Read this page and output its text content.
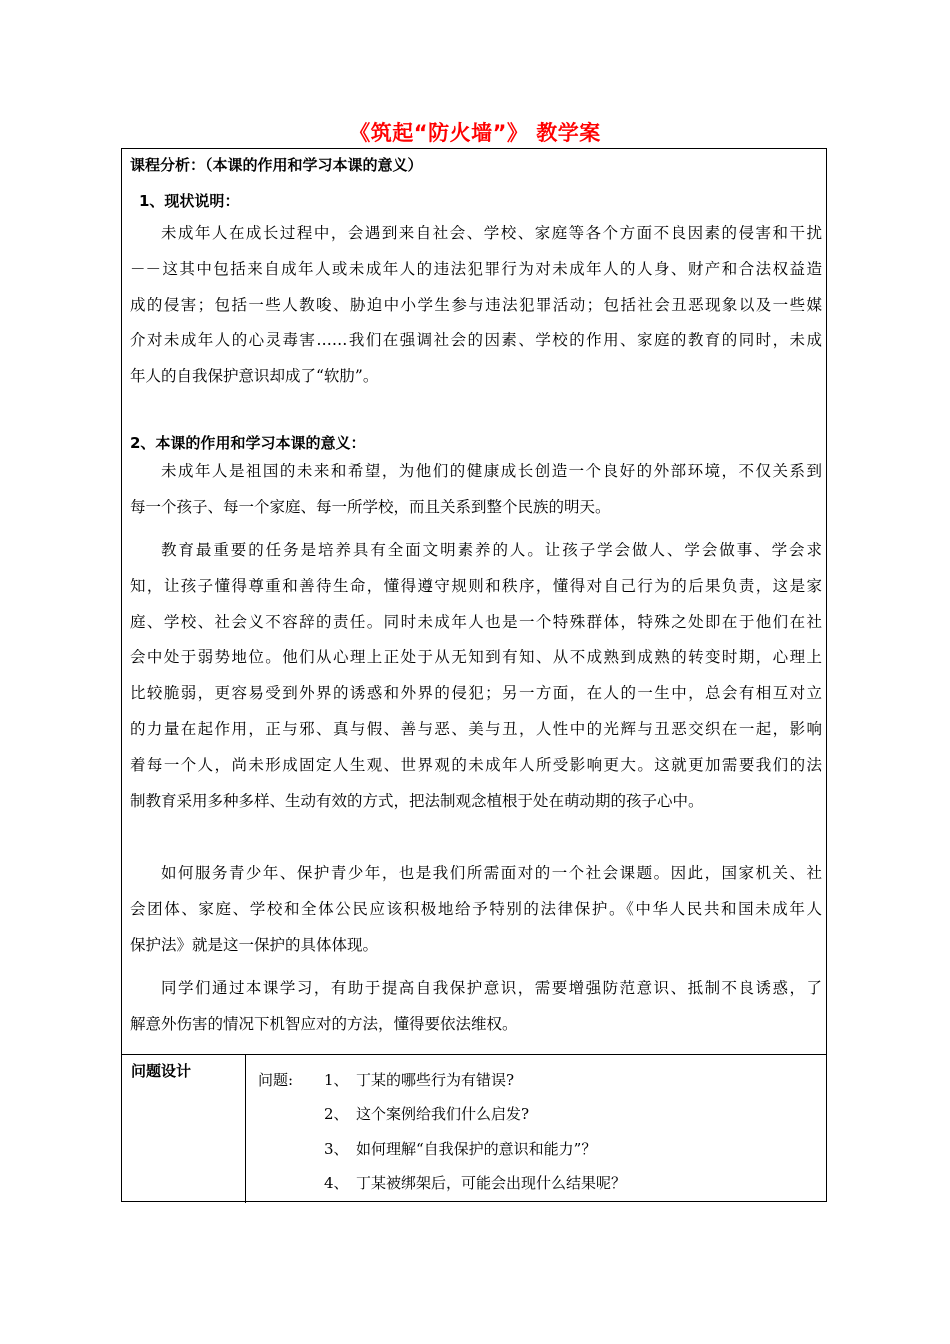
《筑起“防火墙”》 教学案
课程分析：（本课的作用和学习本课的意义）
1、现状说明：
未成年人在成长过程中，会遇到来自社会、学校、家庭等各个方面不良因素的侵害和干扰
－－这其中包括来自成年人或未成年人的违法犯罪行为对未成年人的人身、财产和合法权益造
成的侵害；包括一些人教唆、胁迫中小学生参与违法犯罪活动；包括社会丑恶现象以及一些媒
介对未成年人的心灵毒害……我们在强调社会的因素、学校的作用、家庭的教育的同时，未成
年人的自我保护意识却成了“软肋”。
2、本课的作用和学习本课的意义：
未成年人是祖国的未来和希望，为他们的健康成长创造一个良好的外部环境，不仅关系到
每一个孩子、每一个家庭、每一所学校，而且关系到整个民族的明天。
教育最重要的任务是培养具有全面文明素养的人。让孩子学会做人、学会做事、学会求
知，让孩子懂得尊重和善待生命，懂得遵守规则和秩序，懂得对自己行为的后果负责，这是家
庭、学校、社会义不容辞的责任。同时未成年人也是一个特殊群体，特殊之处即在于他们在社
会中处于弱势地位。他们从心理上正处于从无知到有知、从不成熟到成熟的转变时期，心理上
比较脆弱，更容易受到外界的诱惑和外界的侵犯；另一方面，在人的一生中，总会有相互对立
的力量在起作用，正与邪、真与假、善与恶、美与丑，人性中的光辉与丑恶交织在一起，影响
着每一个人，尚未形成固定人生观、世界观的未成年人所受影响更大。这就更加需要我们的法
制教育采用多种多样、生动有效的方式，把法制观念植根于处在萌动期的孩子心中。
如何服务青少年、保护青少年，也是我们所需面对的一个社会课题。因此，国家机关、社
会团体、家庭、学校和全体公民应该积极地给予特别的法律保护。《中华人民共和国未成年人
保护法》就是这一保护的具体体现。
同学们通过本课学习，有助于提高自我保护意识，需要增强防范意识、抵制不良诱惑，了
解意外伤害的情况下机智应对的方法，懂得要依法维权。
问题设计	问题: 1、 丁某的哪些行为有错误?
2、 这个案例给我们什么启发?
3、 如何理解“自我保护的意识和能力”？
4、 丁某被绑架后，可能会出现什么结果呢？
